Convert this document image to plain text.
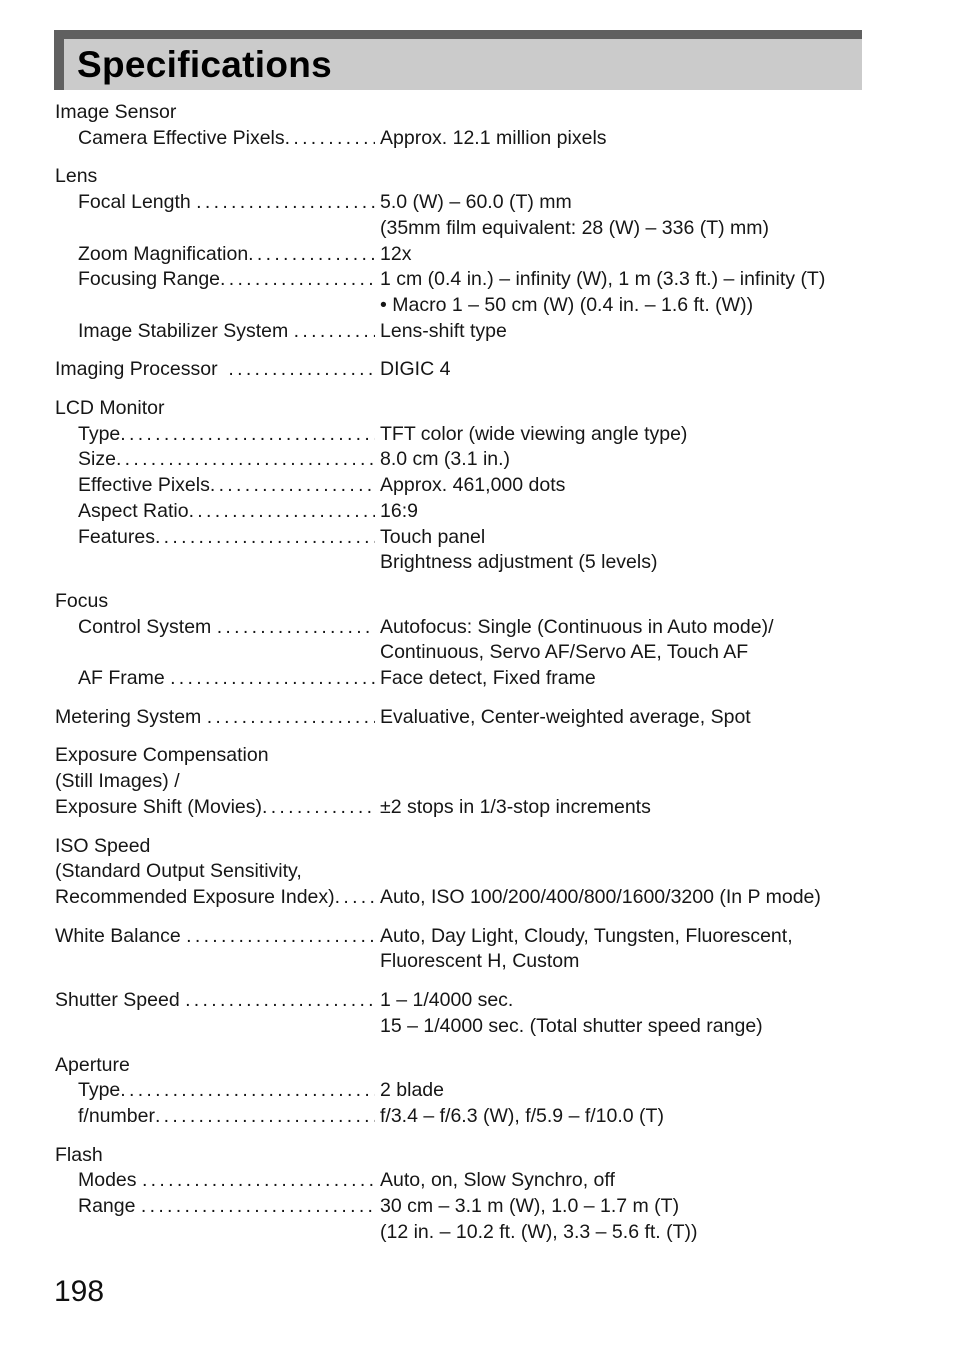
Specifications
Image Sensor
Camera Effective Pixels .....	Approx. 12.1 million pixels
Lens
Focal Length .....	5.0 (W) – 60.0 (T) mm
(35mm film equivalent: 28 (W) – 336 (T) mm)
Zoom Magnification .....	12x
Focusing Range .....	1 cm (0.4 in.) – infinity (W), 1 m (3.3 ft.) – infinity (T)
• Macro 1 – 50 cm (W) (0.4 in. – 1.6 ft. (W))
Image Stabilizer System .....	Lens-shift type
Imaging Processor .....	DIGIC 4
LCD Monitor
Type .....	TFT color (wide viewing angle type)
Size .....	8.0 cm (3.1 in.)
Effective Pixels .....	Approx. 461,000 dots
Aspect Ratio .....	16:9
Features .....	Touch panel
Brightness adjustment (5 levels)
Focus
Control System .....	Autofocus: Single (Continuous in Auto mode)/
Continuous, Servo AF/Servo AE, Touch AF
AF Frame .....	Face detect, Fixed frame
Metering System .....	Evaluative, Center-weighted average, Spot
Exposure Compensation
(Still Images) /
Exposure Shift (Movies) .....	±2 stops in 1/3-stop increments
ISO Speed
(Standard Output Sensitivity,
Recommended Exposure Index) ..... Auto, ISO 100/200/400/800/1600/3200 (In P mode)
White Balance .....	Auto, Day Light, Cloudy, Tungsten, Fluorescent,
Fluorescent H, Custom
Shutter Speed .....	1 – 1/4000 sec.
15 – 1/4000 sec. (Total shutter speed range)
Aperture
Type .....	2 blade
f/number .....	f/3.4 – f/6.3 (W), f/5.9 – f/10.0 (T)
Flash
Modes .....	Auto, on, Slow Synchro, off
Range .....	30 cm – 3.1 m (W), 1.0 – 1.7 m (T)
(12 in. – 10.2 ft. (W), 3.3 – 5.6 ft. (T))
198
